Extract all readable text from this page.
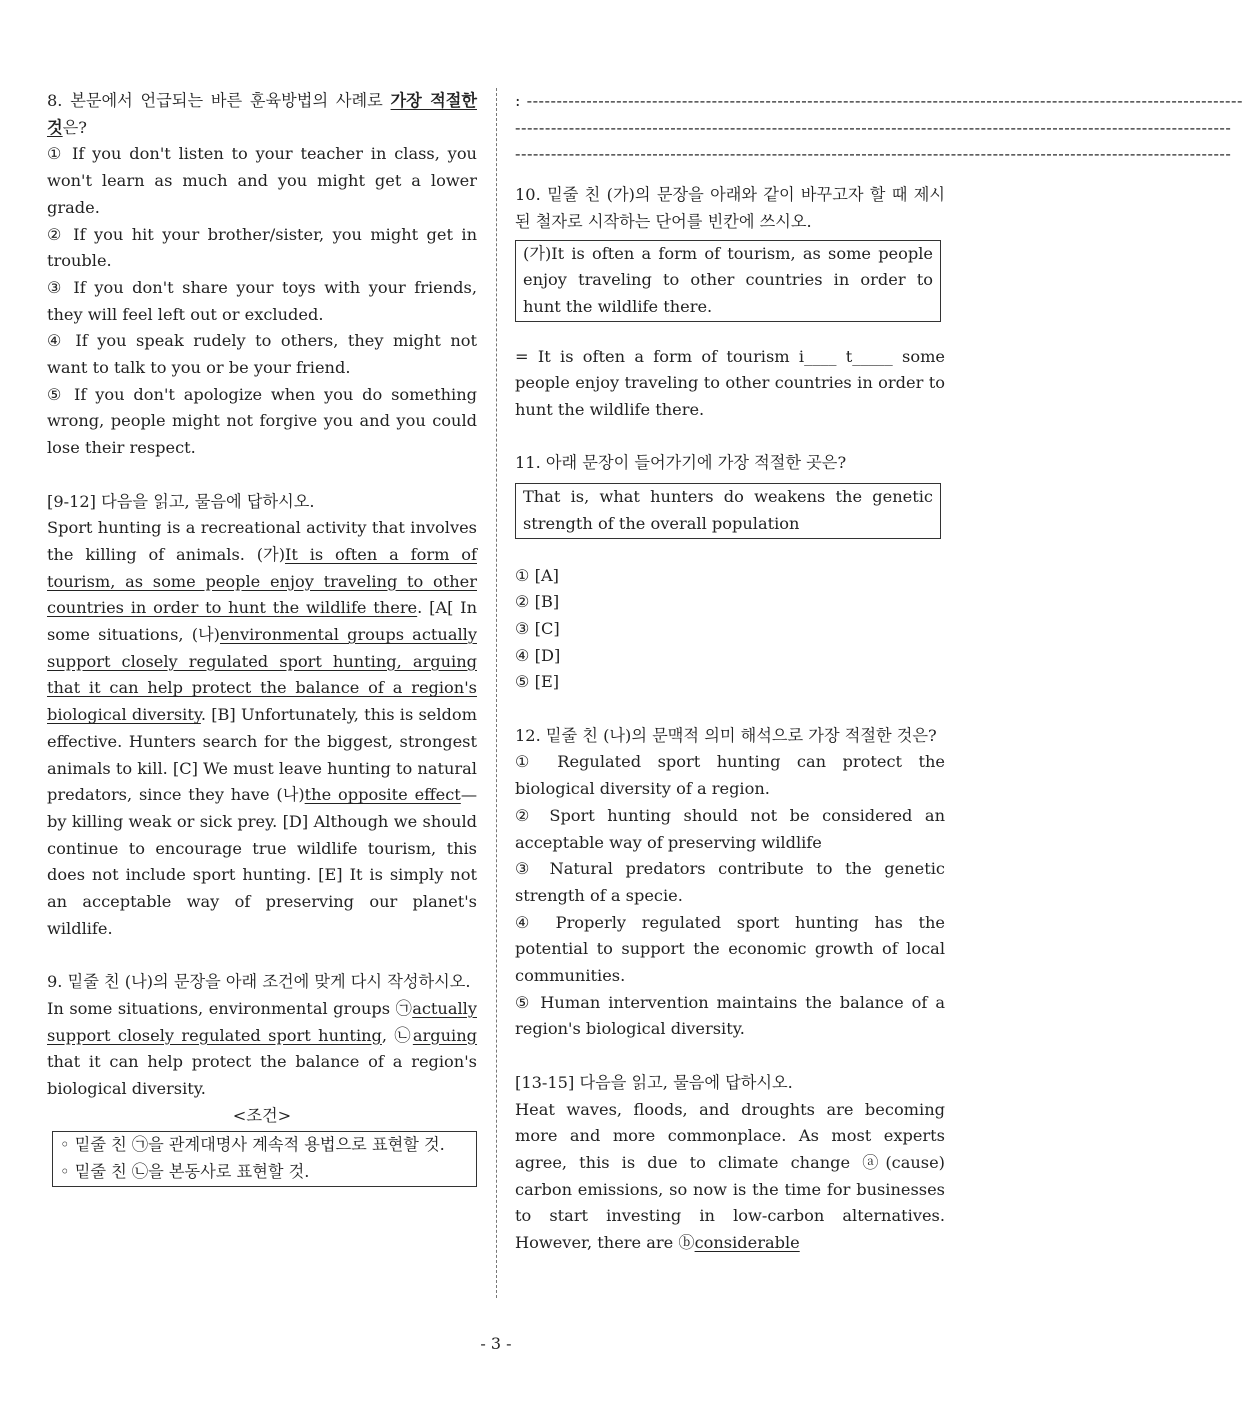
8. 본문에서 언급되는 바른 훈육방법의 사례로 가장 적절한 것은?

① If you don't listen to your teacher in class, you won't learn as much and you might get a lower grade.

② If you hit your brother/sister, you might get in trouble.

③ If you don't share your toys with your friends, they will feel left out or excluded.

④ If you speak rudely to others, they might not want to talk to you or be your friend.

⑤ If you don't apologize when you do something wrong, people might not forgive you and you could lose their respect.

[9-12] 다음을 읽고, 물음에 답하시오.

Sport hunting is a recreational activity that involves the killing of animals. (가)It is often a form of tourism, as some people enjoy traveling to other countries in order to hunt the wildlife there. [A[ In some situations, (나)environmental groups actually support closely regulated sport hunting, arguing that it can help protect the balance of a region's biological diversity. [B] Unfortunately, this is seldom effective. Hunters search for the biggest, strongest animals to kill. [C] We must leave hunting to natural predators, since they have (나)the opposite effect—by killing weak or sick prey. [D] Although we should continue to encourage true wildlife tourism, this does not include sport hunting. [E] It is simply not an acceptable way of preserving our planet's wildlife.

9. 밑줄 친 (나)의 문장을 아래 조건에 맞게 다시 작성하시오.

In some situations, environmental groups ㉠actually support closely regulated sport hunting, ㉡arguing that it can help protect the balance of a region's biological diversity.

<조건>

◦ 밑줄 친 ㉠을 관계대명사 계속적 용법으로 표현할 것.

◦ 밑줄 친 ㉡을 본동사로 표현할 것.

: ------------------------------------------------------------------------------------------------------------------------
------------------------------------------------------------------------------------------------------------------------
------------------------------------------------------------------------------------------------------------------------

10. 밑줄 친 (가)의 문장을 아래와 같이 바꾸고자 할 때 제시된 철자로 시작하는 단어를 빈칸에 쓰시오.

(가)It is often a form of tourism, as some people enjoy traveling to other countries in order to hunt the wildlife there.

= It is often a form of tourism i____ t_____ some people enjoy traveling to other countries in order to hunt the wildlife there.

11. 아래 문장이 들어가기에 가장 적절한 곳은?

That is, what hunters do weakens the genetic strength of the overall population

① [A]

② [B]

③ [C]

④ [D]

⑤ [E]

12. 밑줄 친 (나)의 문맥적 의미 해석으로 가장 적절한 것은?

① Regulated sport hunting can protect the biological diversity of a region.

② Sport hunting should not be considered an acceptable way of preserving wildlife

③ Natural predators contribute to the genetic strength of a specie.

④ Properly regulated sport hunting has the potential to support the economic growth of local communities.

⑤ Human intervention maintains the balance of a region's biological diversity.

[13-15] 다음을 읽고, 물음에 답하시오.

Heat waves, floods, and droughts are becoming more and more commonplace. As most experts agree, this is due to climate change ⓐ(cause) carbon emissions, so now is the time for businesses to start investing in low-carbon alternatives. However, there are ⓑconsiderable

- 3 -
